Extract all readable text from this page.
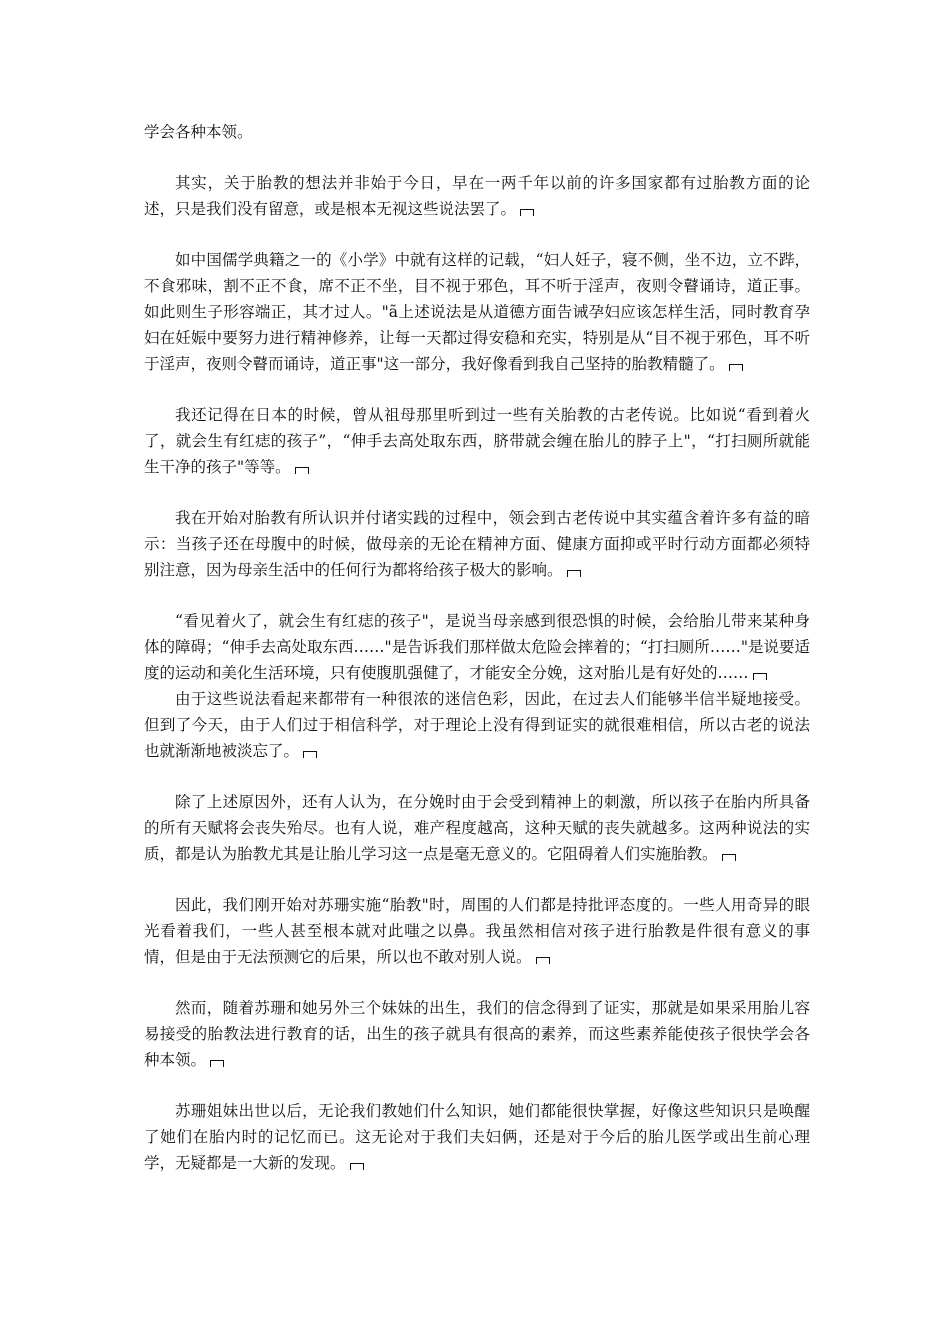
学会各种本领。

其实，关于胎教的想法并非始于今日，早在一两千年以前的许多国家都有过胎教方面的论述，只是我们没有留意，或是根本无视这些说法罢了。

如中国儒学典籍之一的《小学》中就有这样的记载，“妇人妊子，寝不侧，坐不边，立不跸，不食邪味，割不正不食，席不正不坐，目不视于邪色，耳不听于淫声，夜则令瞽诵诗，道正事。如此则生子形容端正，其才过人。"ã上述说法是从道德方面告诫孕妇应该怎样生活，同时教育孕妇在妊娠中要努力进行精神修养，让每一天都过得安稳和充实，特别是从“目不视于邪色，耳不听于淫声，夜则令瞽而诵诗，道正事"这一部分，我好像看到我自己坚持的胎教精髓了。

我还记得在日本的时候，曾从祖母那里听到过一些有关胎教的古老传说。比如说“看到着火了，就会生有红痣的孩子”，“伸手去高处取东西，脐带就会缠在胎儿的脖子上"，“打扫厕所就能生干净的孩子"等等。

我在开始对胎教有所认识并付诸实践的过程中，领会到古老传说中其实蕴含着许多有益的暗示：当孩子还在母腹中的时候，做母亲的无论在精神方面、健康方面抑或平时行动方面都必须特别注意，因为母亲生活中的任何行为都将给孩子极大的影响。

“看见着火了，就会生有红痣的孩子"，是说当母亲感到很恐惧的时候，会给胎儿带来某种身体的障碍；“伸手去高处取东西……"是告诉我们那样做太危险会摔着的；“打扫厕所……"是说要适度的运动和美化生活环境，只有使腹肌强健了，才能安全分娩，这对胎儿是有好处的……

由于这些说法看起来都带有一种很浓的迷信色彩，因此，在过去人们能够半信半疑地接受。但到了今天，由于人们过于相信科学，对于理论上没有得到证实的就很难相信，所以古老的说法也就渐渐地被淡忘了。

除了上述原因外，还有人认为，在分娩时由于会受到精神上的刺激，所以孩子在胎内所具备的所有天赋将会丧失殆尽。也有人说，难产程度越高，这种天赋的丧失就越多。这两种说法的实质，都是认为胎教尤其是让胎儿学习这一点是毫无意义的。它阻碍着人们实施胎教。

因此，我们刚开始对苏珊实施“胎教"时，周围的人们都是持批评态度的。一些人用奇异的眼光看着我们，一些人甚至根本就对此嗤之以鼻。我虽然相信对孩子进行胎教是件很有意义的事情，但是由于无法预测它的后果，所以也不敢对别人说。

然而，随着苏珊和她另外三个妹妹的出生，我们的信念得到了证实，那就是如果采用胎儿容易接受的胎教法进行教育的话，出生的孩子就具有很高的素养，而这些素养能使孩子很快学会各种本领。

苏珊姐妹出世以后，无论我们教她们什么知识，她们都能很快掌握，好像这些知识只是唤醒了她们在胎内时的记忆而已。这无论对于我们夫妇俩，还是对于今后的胎儿医学或出生前心理学，无疑都是一大新的发现。
